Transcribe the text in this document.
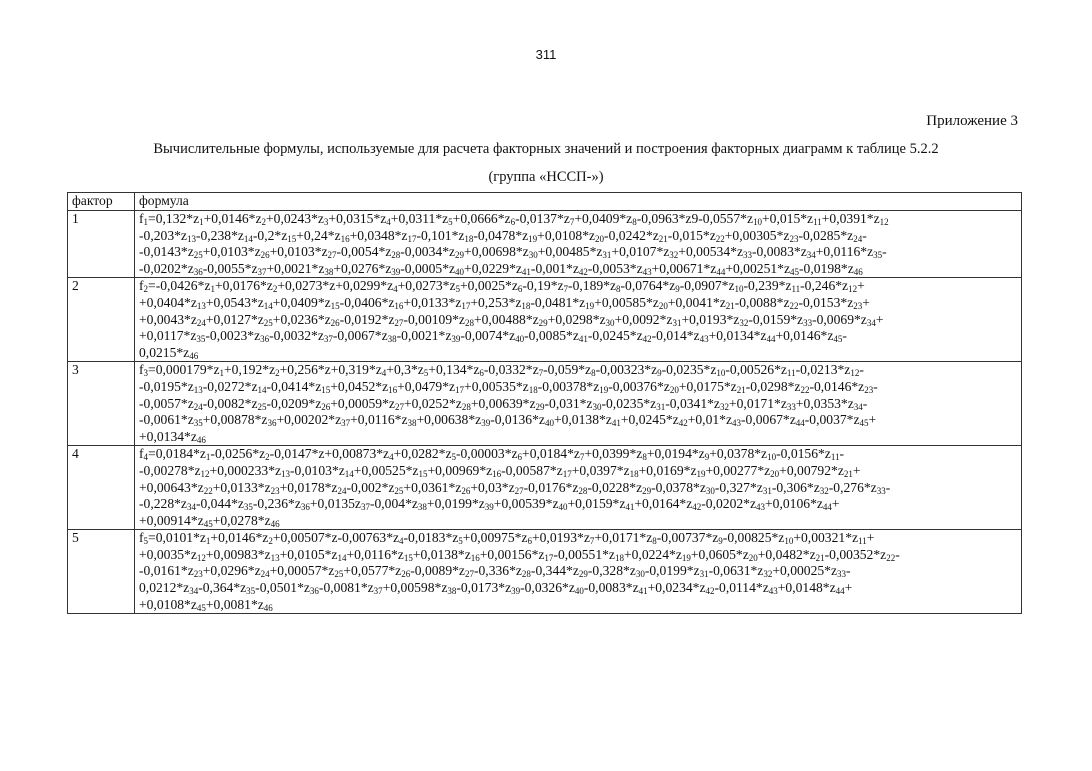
311
Приложение 3
Вычислительные формулы, используемые для расчета факторных значений и построения факторных диаграмм к таблице 5.2.2
(группа «НССП-»)
фактор	формула
1	$f_1=0,132*z_1+0,0146*z_2+0,0243*z_3+0,0315*z_4+0,0311*z_5+0,0666*z_6-0,0137*z_7+0,0409*z_8-0,0963*z9-0,0557*z_{10}+0,015*z_{11}+0,0391*z_{12}$
$-0,203*z_{13}-0,238*z_{14}-0,2*z_{15}+0,24*z_{16}+0,0348*z_{17}-0,101*z_{18}-0,0478*z_{19}+0,0108*z_{20}-0,0242*z_{21}-0,015*z_{22}+0,00305*z_{23}-0,0285*z_{24}-$
$-0,0143*z_{25}+0,0103*z_{26}+0,0103*z_{27}-0,0054*z_{28}-0,0034*z_{29}+0,00698*z_{30}+0,00485*z_{31}+0,0107*z_{32}+0,00534*z_{33}-0,0083*z_{34}+0,0116*z_{35}-$
$-0,0202*z_{36}-0,0055*z_{37}+0,0021*z_{38}+0,0276*z_{39}-0,0005*z_{40}+0,0229*z_{41}-0,001*z_{42}-0,0053*z_{43}+0,00671*z_{44}+0,00251*z_{45}-0,0198*z_{46}$

2	$f_2=-0,0426*z_1+0,0176*z_2+0,0273*z+0,0299*z_4+0,0273*z_5+0,0025*z_6-0,19*z_7-0,189*z_8-0,0764*z_9-0,0907*z_{10}-0,239*z_{11}-0,246*z_{12}+$
$+0,0404*z_{13}+0,0543*z_{14}+0,0409*z_{15}-0,0406*z_{16}+0,0133*z_{17}+0,253*z_{18}-0,0481*z_{19}+0,00585*z_{20}+0,0041*z_{21}-0,0088*z_{22}-0,0153*z_{23}+$
$+0,0043*z_{24}+0,0127*z_{25}+0,0236*z_{26}-0,0192*z_{27}-0,00109*z_{28}+0,00488*z_{29}+0,0298*z_{30}+0,0092*z_{31}+0,0193*z_{32}-0,0159*z_{33}-0,0069*z_{34}+$
$+0,0117*z_{35}-0,0023*z_{36}-0,0032*z_{37}-0,0067*z_{38}-0,0021*z_{39}-0,0074*z_{40}-0,0085*z_{41}-0,0245*z_{42}-0,014*z_{43}+0,0134*z_{44}+0,0146*z_{45}-$
$0,0215*z_{46}$

3	$f_3=0,000179*z_1+0,192*z_2+0,256*z+0,319*z_4+0,3*z_5+0,134*z_6-0,0332*z_7-0,059*z_8-0,00323*z_9-0,0235*z_{10}-0,00526*z_{11}-0,0213*z_{12}-$
$-0,0195*z_{13}-0,0272*z_{14}-0,0414*z_{15}+0,0452*z_{16}+0,0479*z_{17}+0,00535*z_{18}-0,00378*z_{19}-0,00376*z_{20}+0,0175*z_{21}-0,0298*z_{22}-0,0146*z_{23}-$
$-0,0057*z_{24}-0,0082*z_{25}-0,0209*z_{26}+0,00059*z_{27}+0,0252*z_{28}+0,00639*z_{29}-0,031*z_{30}-0,0235*z_{31}-0,0341*z_{32}+0,0171*z_{33}+0,0353*z_{34}-$
$-0,0061*z_{35}+0,00878*z_{36}+0,00202*z_{37}+0,0116*z_{38}+0,00638*z_{39}-0,0136*z_{40}+0,0138*z_{41}+0,0245*z_{42}+0,01*z_{43}-0,0067*z_{44}-0,0037*z_{45}+$
$+0,0134*z_{46}$

4	$f_4=0,0184*z_1-0,0256*z_2-0,0147*z+0,00873*z_4+0,0282*z_5-0,00003*z_6+0,0184*z_7+0,0399*z_8+0,0194*z_9+0,0378*z_{10}-0,0156*z_{11}-$
$-0,00278*z_{12}+0,000233*z_{13}-0,0103*z_{14}+0,00525*z_{15}+0,00969*z_{16}-0,00587*z_{17}+0,0397*z_{18}+0,0169*z_{19}+0,00277*z_{20}+0,00792*z_{21}+$
$+0,00643*z_{22}+0,0133*z_{23}+0,0178*z_{24}-0,002*z_{25}+0,0361*z_{26}+0,03*z_{27}-0,0176*z_{28}-0,0228*z_{29}-0,0378*z_{30}-0,327*z_{31}-0,306*z_{32}-0,276*z_{33}-$
$-0,228*z_{34}-0,044*z_{35}-0,236*z_{36}+0,0135z_{37}-0,004*z_{38}+0,0199*z_{39}+0,00539*z_{40}+0,0159*z_{41}+0,0164*z_{42}-0,0202*z_{43}+0,0106*z_{44}+$
$+0,00914*z_{45}+0,0278*z_{46}$

5	$f_5=0,0101*z_1+0,0146*z_2+0,00507*z-0,00763*z_4-0,0183*z_5+0,00975*z_6+0,0193*z_7+0,0171*z_8-0,00737*z_9-0,00825*z_{10}+0,00321*z_{11}+$
$+0,0035*z_{12}+0,00983*z_{13}+0,0105*z_{14}+0,0116*z_{15}+0,0138*z_{16}+0,00156*z_{17}-0,00551*z_{18}+0,0224*z_{19}+0,0605*z_{20}+0,0482*z_{21}-0,00352*z_{22}-$
$-0,0161*z_{23}+0,0296*z_{24}+0,00057*z_{25}+0,0577*z_{26}-0,0089*z_{27}-0,336*z_{28}-0,344*z_{29}-0,328*z_{30}-0,0199*z_{31}-0,0631*z_{32}+0,00025*z_{33}-$
$0,0212*z_{34}-0,364*z_{35}-0,0501*z_{36}-0,0081*z_{37}+0,00598*z_{38}-0,0173*z_{39}-0,0326*z_{40}-0,0083*z_{41}+0,0234*z_{42}-0,0114*z_{43}+0,0148*z_{44}+$
$+0,0108*z_{45}+0,0081*z_{46}$
